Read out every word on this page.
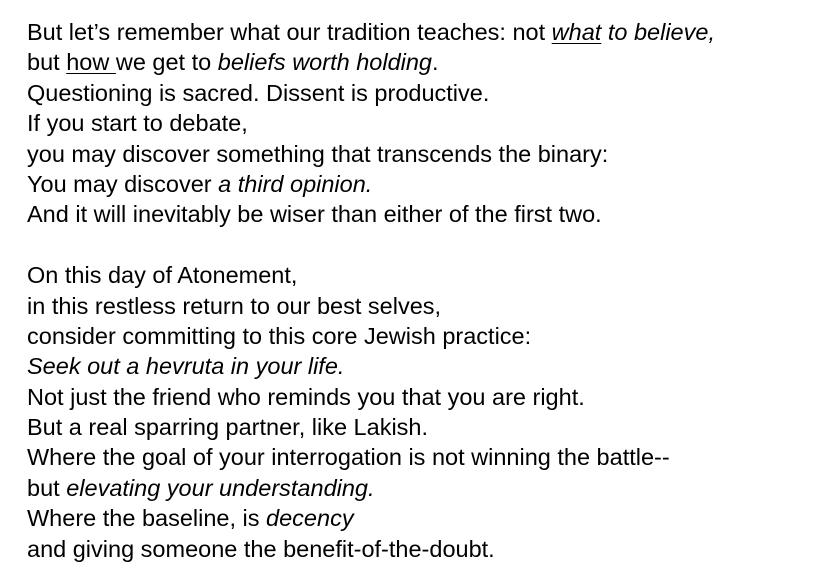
But let’s remember what our tradition teaches: not what to believe,
but how we get to beliefs worth holding.
Questioning is sacred. Dissent is productive.
If you start to debate,
you may discover something that transcends the binary:
You may discover a third opinion.
And it will inevitably be wiser than either of the first two.
On this day of Atonement,
in this restless return to our best selves,
consider committing to this core Jewish practice:
Seek out a hevruta in your life.
Not just the friend who reminds you that you are right.
But a real sparring partner, like Lakish.
Where the goal of your interrogation is not winning the battle--
but elevating your understanding.
Where the baseline, is decency
and giving someone the benefit-of-the-doubt.
